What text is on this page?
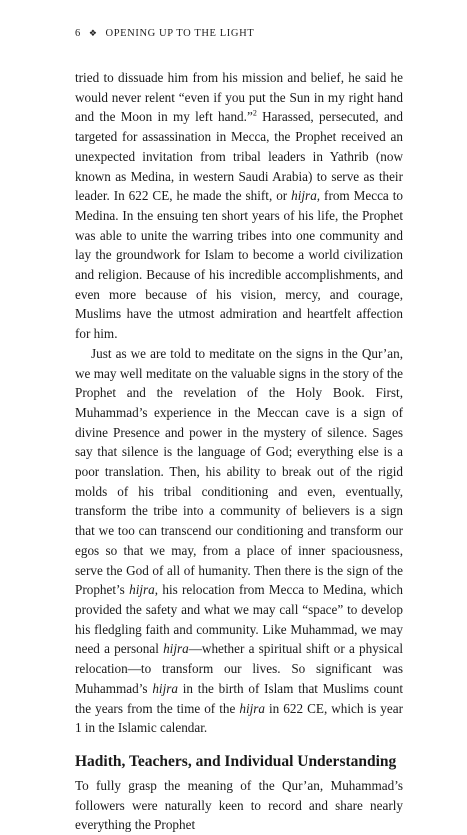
6 ❖ OPENING UP TO THE LIGHT

tried to dissuade him from his mission and belief, he said he would never relent “even if you put the Sun in my right hand and the Moon in my left hand.”$^2$ Harassed, persecuted, and targeted for assassination in Mecca, the Prophet received an unexpected invitation from tribal leaders in Yathrib (now known as Medina, in western Saudi Arabia) to serve as their leader. In 622 CE, he made the shift, or hijra, from Mecca to Medina. In the ensuing ten short years of his life, the Prophet was able to unite the warring tribes into one community and lay the groundwork for Islam to become a world civilization and religion. Because of his incredible accomplishments, and even more because of his vision, mercy, and courage, Muslims have the utmost admiration and heartfelt affection for him.

Just as we are told to meditate on the signs in the Qur’an, we may well meditate on the valuable signs in the story of the Prophet and the revelation of the Holy Book. First, Muhammad’s experience in the Meccan cave is a sign of divine Presence and power in the mystery of silence. Sages say that silence is the language of God; everything else is a poor translation. Then, his ability to break out of the rigid molds of his tribal conditioning and even, eventually, transform the tribe into a community of believers is a sign that we too can transcend our conditioning and transform our egos so that we may, from a place of inner spaciousness, serve the God of all of humanity. Then there is the sign of the Prophet’s hijra, his relocation from Mecca to Medina, which provided the safety and what we may call “space” to develop his fledgling faith and community. Like Muhammad, we may need a personal hijra—whether a spiritual shift or a physical relocation—to transform our lives. So significant was Muhammad’s hijra in the birth of Islam that Muslims count the years from the time of the hijra in 622 CE, which is year 1 in the Islamic calendar.

Hadith, Teachers, and Individual Understanding

To fully grasp the meaning of the Qur’an, Muhammad’s followers were naturally keen to record and share nearly everything the Prophet
